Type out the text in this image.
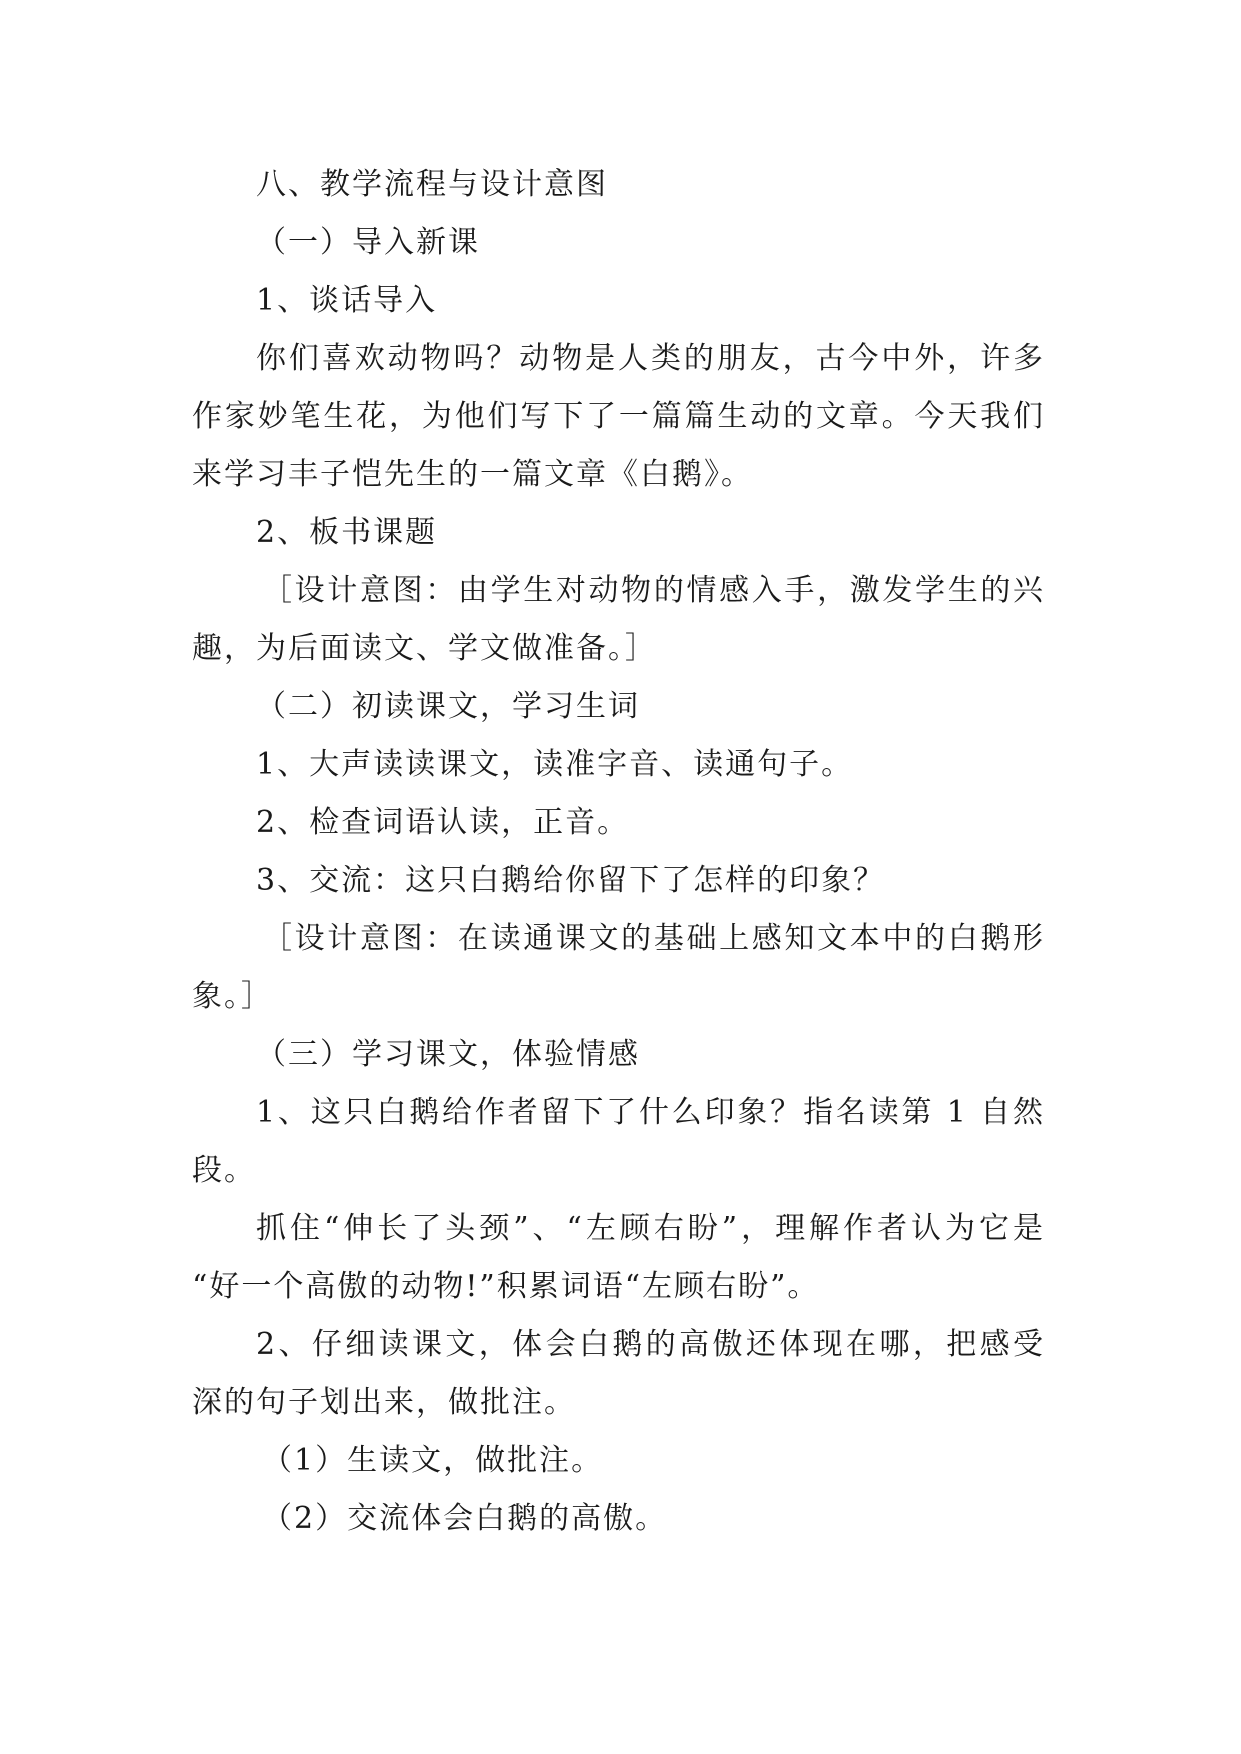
八、教学流程与设计意图
（一）导入新课
1、谈话导入
你们喜欢动物吗？动物是人类的朋友，古今中外，许多
作家妙笔生花，为他们写下了一篇篇生动的文章。今天我们
来学习丰子恺先生的一篇文章《白鹅》。
2、板书课题
［设计意图：由学生对动物的情感入手，激发学生的兴
趣，为后面读文、学文做准备。］
（二）初读课文，学习生词
1、大声读读课文，读准字音、读通句子。
2、检查词语认读，正音。
3、交流：这只白鹅给你留下了怎样的印象？
［设计意图：在读通课文的基础上感知文本中的白鹅形
象。］
（三）学习课文，体验情感
1、这只白鹅给作者留下了什么印象？指名读第 1 自然
段。
抓住“伸长了头颈”、“左顾右盼”，理解作者认为它是
“好一个高傲的动物!”积累词语“左顾右盼”。
2、仔细读课文，体会白鹅的高傲还体现在哪，把感受
深的句子划出来，做批注。
（1）生读文，做批注。
（2）交流体会白鹅的高傲。
